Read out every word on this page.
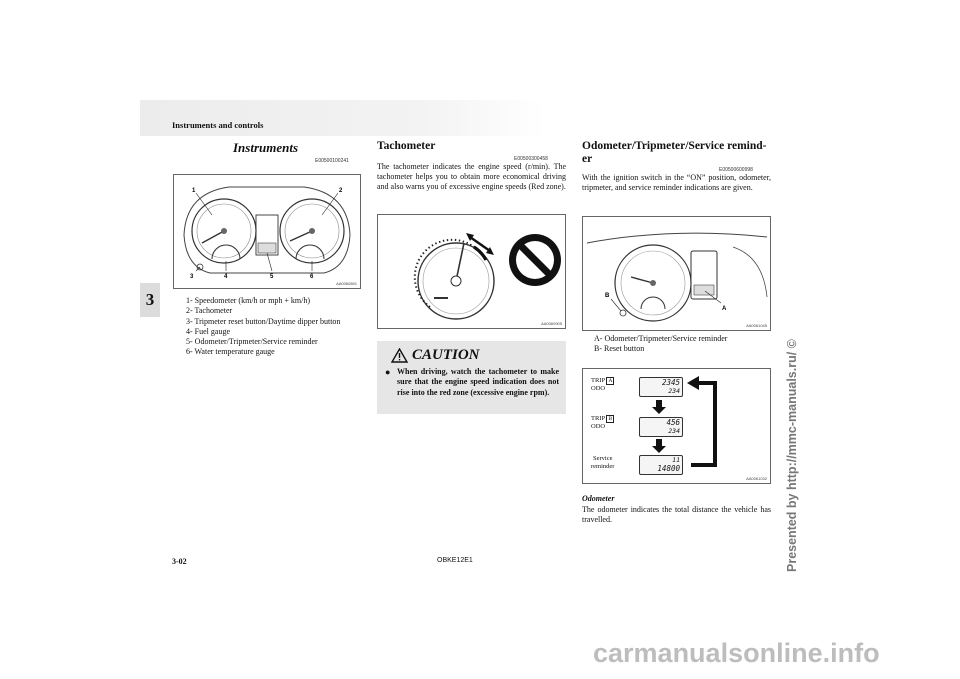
Instruments and controls
3
Instruments
E00500100241
1	2
3	4	5	6
AA0060891
1- Speedometer (km/h or mph + km/h)
2- Tachometer
3- Tripmeter reset button/Daytime dipper button
4- Fuel gauge
5- Odometer/Tripmeter/Service reminder
6- Water temperature gauge
Tachometer
E00500300458
The tachometer indicates the engine speed (r/min). The tachometer helps you to obtain more economical driving and also warns you of excessive engine speeds (Red zone).
AA0060905
CAUTION
● When driving, watch the tachometer to make sure that the engine speed indication does not rise into the red zone (excessive engine rpm).
Odometer/Tripmeter/Service remind-
er
E00500600998
With the ignition switch in the “ON” position, odometer, tripmeter, and service reminder indications are given.
B
A
AA0061045
A- Odometer/Tripmeter/Service reminder
B- Reset button
TRIP A
ODO
TRIP B
ODO
Service
reminder
2345
234
456
234
11
14800
AA0061032
Odometer
The odometer indicates the total distance the vehicle has travelled.
3-02	OBKE12E1	Presented by http://mmc-manuals.ru/ ©
carmanualsonline.info
